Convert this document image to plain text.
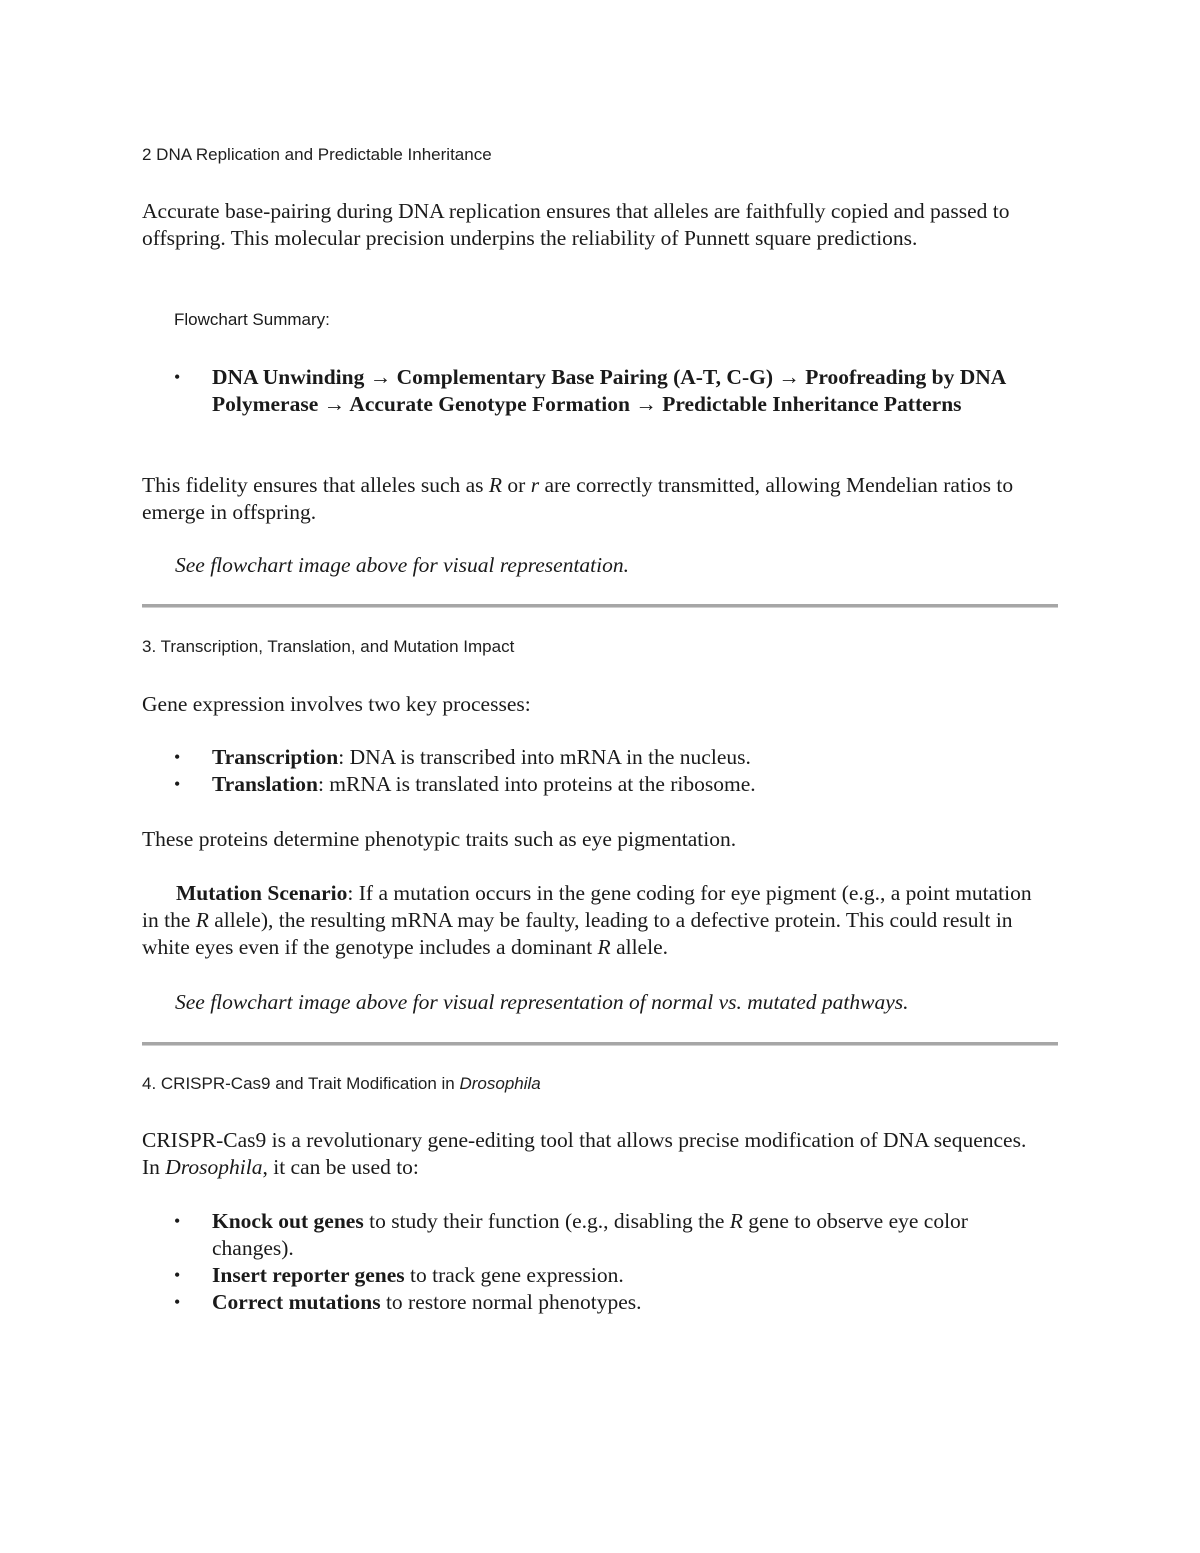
2 DNA Replication and Predictable Inheritance

Accurate base-pairing during DNA replication ensures that alleles are faithfully copied and passed to offspring. This molecular precision underpins the reliability of Punnett square predictions.

Flowchart Summary:

• DNA Unwinding → Complementary Base Pairing (A-T, C-G) → Proofreading by DNA Polymerase → Accurate Genotype Formation → Predictable Inheritance Patterns

This fidelity ensures that alleles such as R or r are correctly transmitted, allowing Mendelian ratios to emerge in offspring.

See flowchart image above for visual representation.

3. Transcription, Translation, and Mutation Impact

Gene expression involves two key processes:

• Transcription: DNA is transcribed into mRNA in the nucleus.
• Translation: mRNA is translated into proteins at the ribosome.

These proteins determine phenotypic traits such as eye pigmentation.

Mutation Scenario: If a mutation occurs in the gene coding for eye pigment (e.g., a point mutation in the R allele), the resulting mRNA may be faulty, leading to a defective protein. This could result in white eyes even if the genotype includes a dominant R allele.

See flowchart image above for visual representation of normal vs. mutated pathways.

4. CRISPR-Cas9 and Trait Modification in Drosophila

CRISPR-Cas9 is a revolutionary gene-editing tool that allows precise modification of DNA sequences. In Drosophila, it can be used to:

• Knock out genes to study their function (e.g., disabling the R gene to observe eye color changes).
• Insert reporter genes to track gene expression.
• Correct mutations to restore normal phenotypes.
